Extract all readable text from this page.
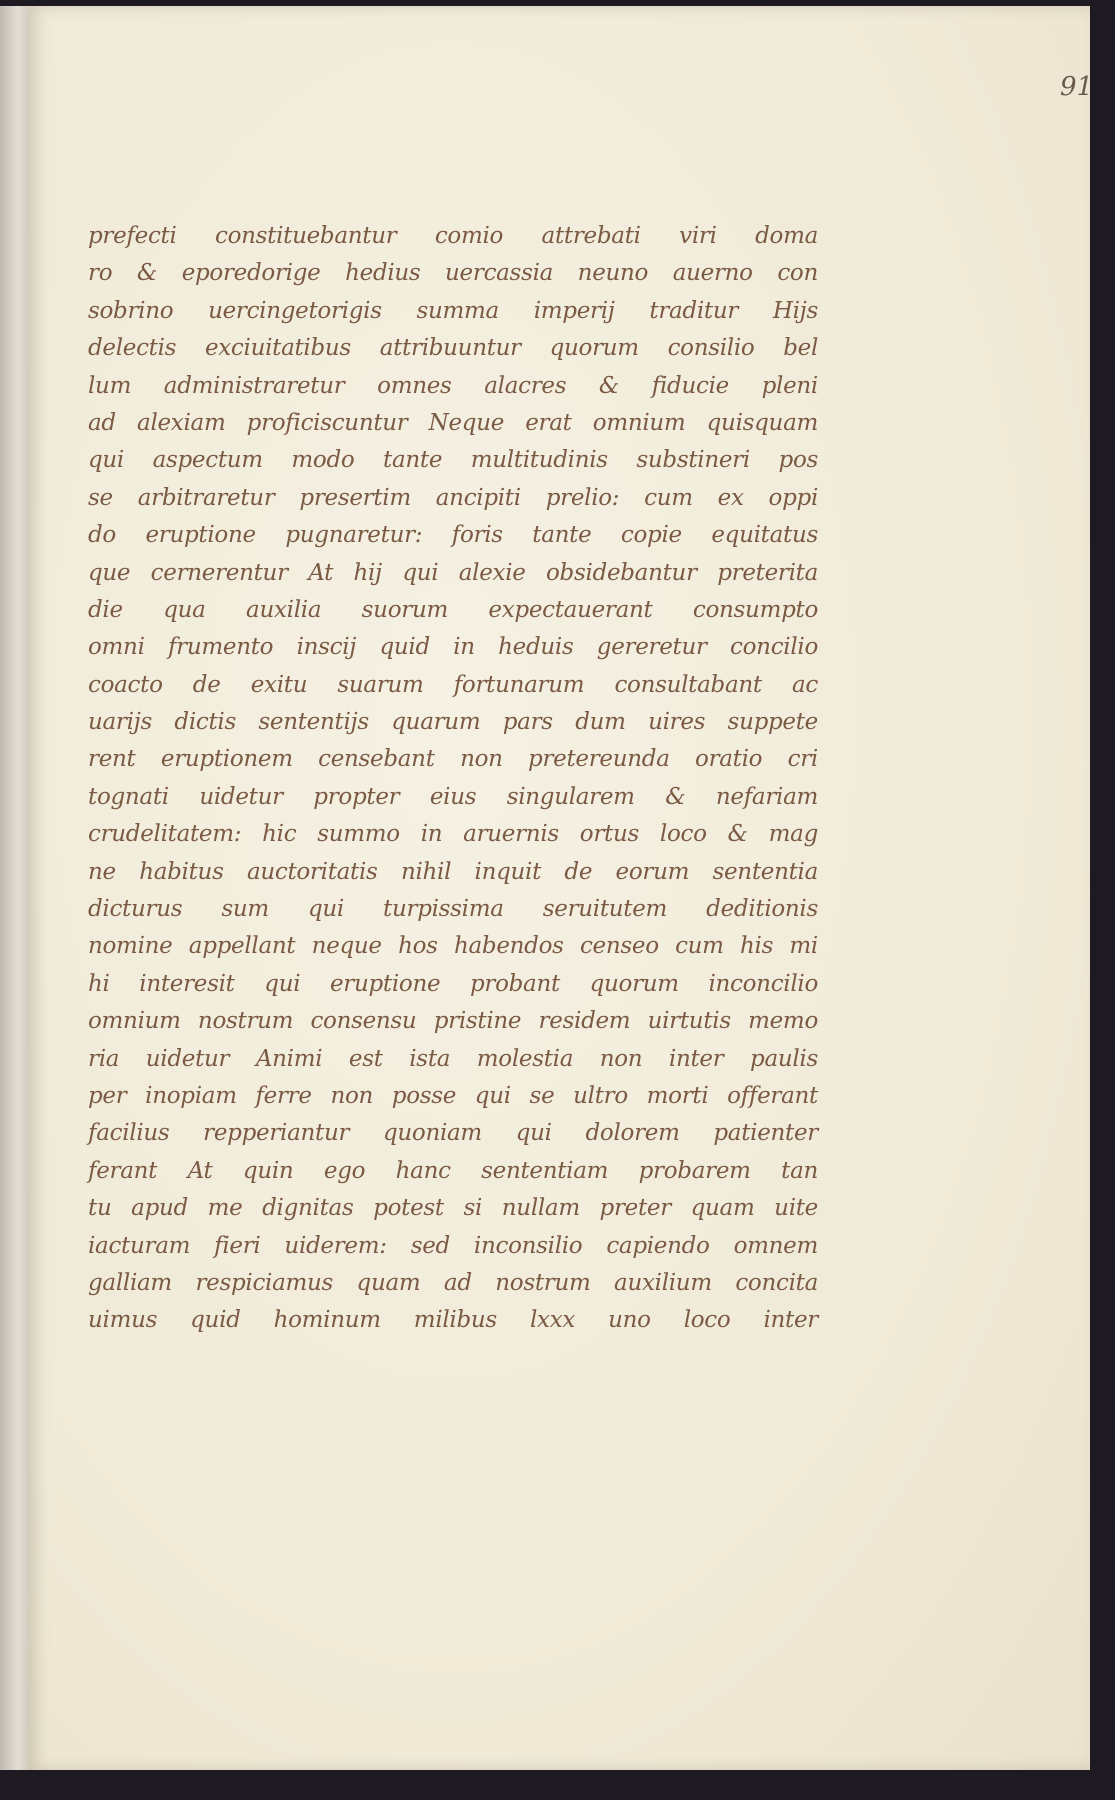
91
prefecti constituebantur comio attrebati viri doma
ro & eporedorige hedius uercassia neuno auerno con
sobrino uercingetorigis summa imperij traditur Hijs
delectis exciuitatibus attribuuntur quorum consilio bel
lum administraretur omnes alacres & fiducie pleni
ad alexiam proficiscuntur Neque erat omnium quisquam
qui aspectum modo tante multitudinis substineri pos
se arbitraretur presertim ancipiti prelio: cum ex oppi
do eruptione pugnaretur: foris tante copie equitatus
que cernerentur At hij qui alexie obsidebantur preterita
die qua auxilia suorum expectauerant consumpto
omni frumento inscij quid in heduis gereretur concilio
coacto de exitu suarum fortunarum consultabant ac
uarijs dictis sententijs quarum pars dum uires suppete
rent eruptionem censebant non pretereunda oratio cri
tognati uidetur propter eius singularem & nefariam
crudelitatem: hic summo in aruernis ortus loco & mag
ne habitus auctoritatis nihil inquit de eorum sententia
dicturus sum qui turpissima seruitutem deditionis
nomine appellant neque hos habendos censeo cum his mi
hi interesit qui eruptione probant quorum inconcilio
omnium nostrum consensu pristine residem uirtutis memo
ria uidetur Animi est ista molestia non inter paulis
per inopiam ferre non posse qui se ultro morti offerant
facilius repperiantur quoniam qui dolorem patienter
ferant At quin ego hanc sententiam probarem tan
tu apud me dignitas potest si nullam preter quam uite
iacturam fieri uiderem: sed inconsilio capiendo omnem
galliam respiciamus quam ad nostrum auxilium concita
uimus quid hominum milibus lxxx uno loco inter
